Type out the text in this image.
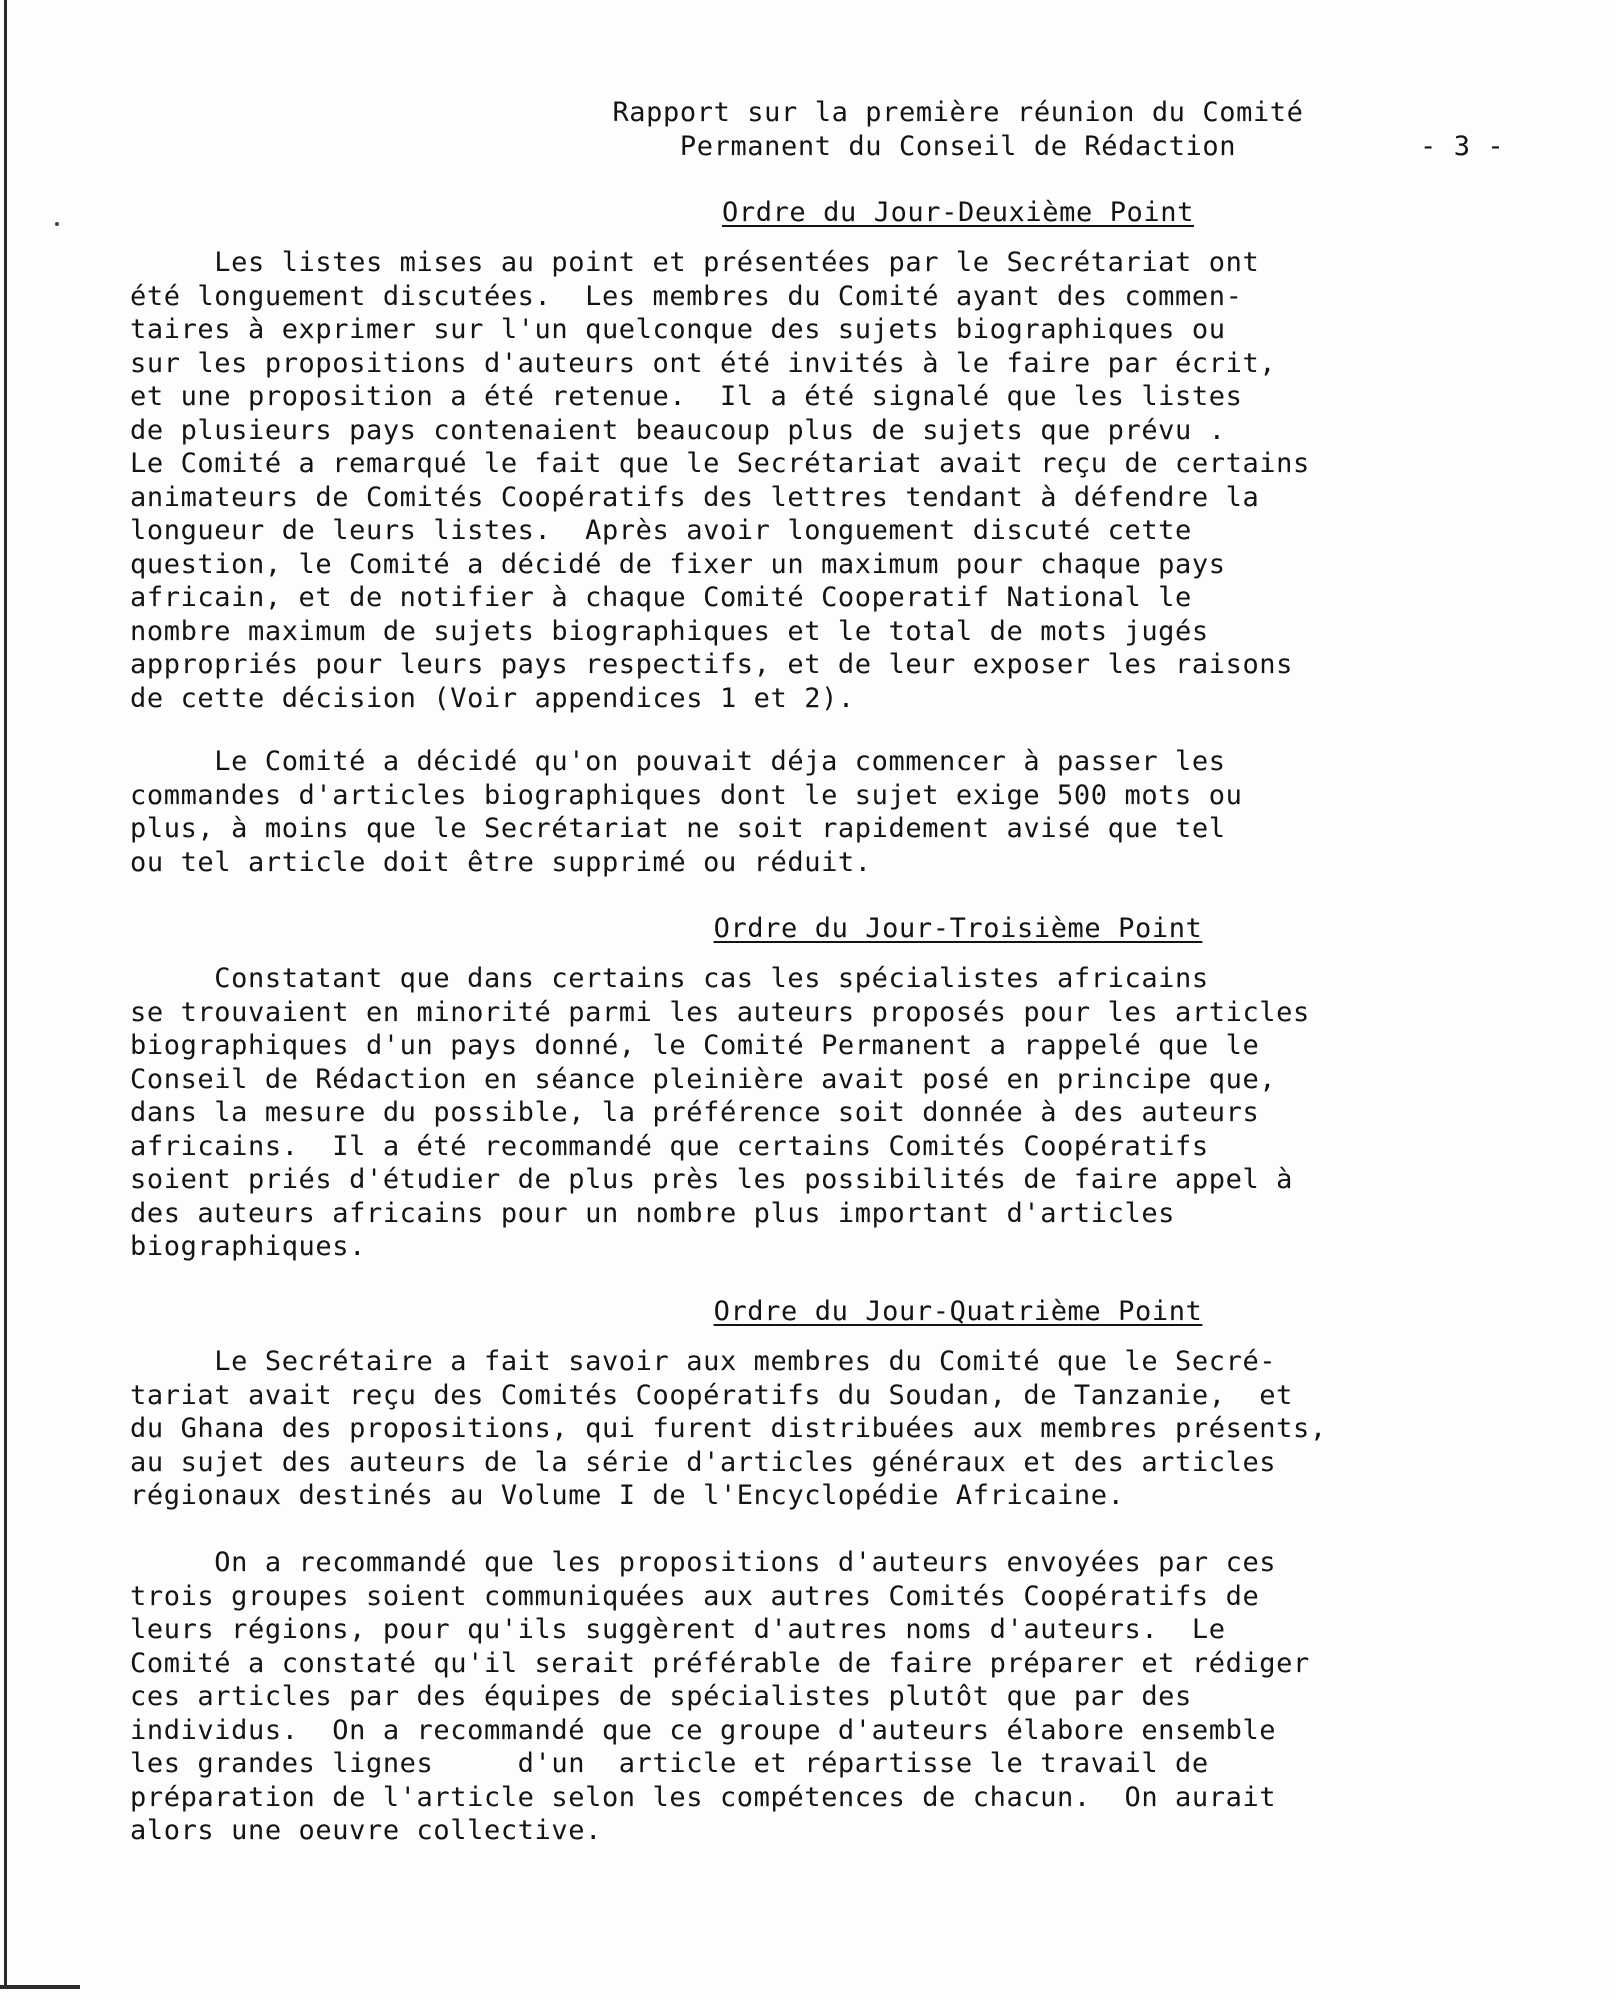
Rapport sur la première réunion du Comité
Permanent du Conseil de Rédaction	- 3 -
Ordre du Jour-Deuxième Point
Les listes mises au point et présentées par le Secrétariat ont
été longuement discutées.  Les membres du Comité ayant des commen-
taires à exprimer sur l'un quelconque des sujets biographiques ou
sur les propositions d'auteurs ont été invités à le faire par écrit,
et une proposition a été retenue.  Il a été signalé que les listes
de plusieurs pays contenaient beaucoup plus de sujets que prévu .
Le Comité a remarqué le fait que le Secrétariat avait reçu de certains
animateurs de Comités Coopératifs des lettres tendant à défendre la
longueur de leurs listes.  Après avoir longuement discuté cette
question, le Comité a décidé de fixer un maximum pour chaque pays
africain, et de notifier à chaque Comité Cooperatif National le
nombre maximum de sujets biographiques et le total de mots jugés
appropriés pour leurs pays respectifs, et de leur exposer les raisons
de cette décision (Voir appendices 1 et 2).
Le Comité a décidé qu'on pouvait déja commencer à passer les
commandes d'articles biographiques dont le sujet exige 500 mots ou
plus, à moins que le Secrétariat ne soit rapidement avisé que tel
ou tel article doit être supprimé ou réduit.
Ordre du Jour-Troisième Point
Constatant que dans certains cas les spécialistes africains
se trouvaient en minorité parmi les auteurs proposés pour les articles
biographiques d'un pays donné, le Comité Permanent a rappelé que le
Conseil de Rédaction en séance pleinière avait posé en principe que,
dans la mesure du possible, la préférence soit donnée à des auteurs
africains.  Il a été recommandé que certains Comités Coopératifs
soient priés d'étudier de plus près les possibilités de faire appel à
des auteurs africains pour un nombre plus important d'articles
biographiques.
Ordre du Jour-Quatrième Point
Le Secrétaire a fait savoir aux membres du Comité que le Secré-
tariat avait reçu des Comités Coopératifs du Soudan, de Tanzanie,  et
du Ghana des propositions, qui furent distribuées aux membres présents,
au sujet des auteurs de la série d'articles généraux et des articles
régionaux destinés au Volume I de l'Encyclopédie Africaine.
On a recommandé que les propositions d'auteurs envoyées par ces
trois groupes soient communiquées aux autres Comités Coopératifs de
leurs régions, pour qu'ils suggèrent d'autres noms d'auteurs.  Le
Comité a constaté qu'il serait préférable de faire préparer et rédiger
ces articles par des équipes de spécialistes plutôt que par des
individus.  On a recommandé que ce groupe d'auteurs élabore ensemble
les grandes lignes     d'un  article et répartisse le travail de
préparation de l'article selon les compétences de chacun.  On aurait
alors une oeuvre collective.
